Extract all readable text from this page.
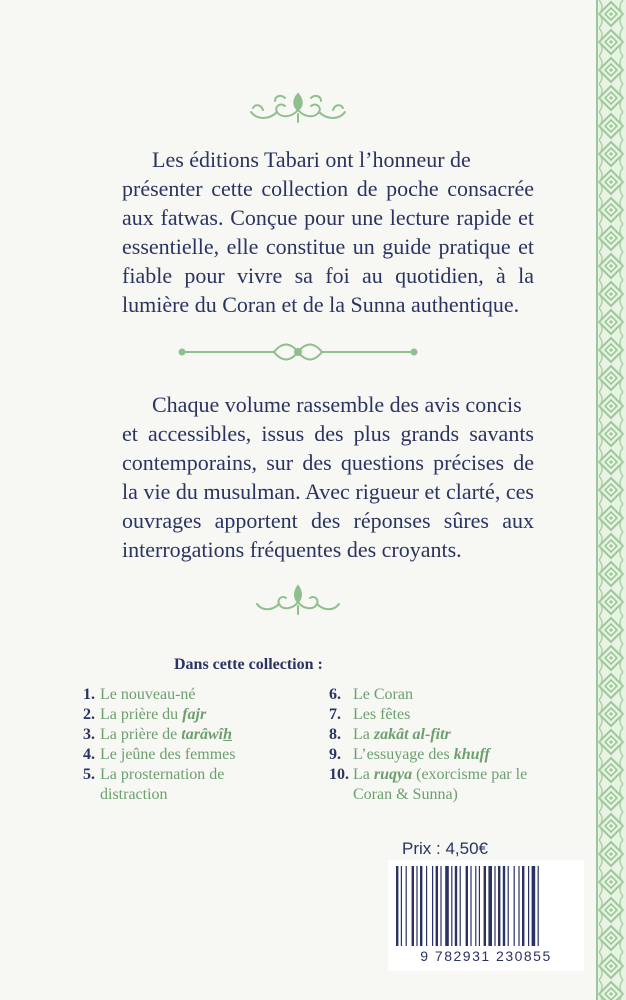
Les éditions Tabari ont l’honneur de
présenter cette collection de poche consacrée aux fatwas. Conçue pour une lecture rapide et essentielle, elle constitue un guide pratique et fiable pour vivre sa foi au quotidien, à la lumière du Coran et de la Sunna authentique.
Chaque volume rassemble des avis concis
et accessibles, issus des plus grands savants contemporains, sur des questions précises de la vie du musulman. Avec rigueur et clarté, ces ouvrages apportent des réponses sûres aux interrogations fréquentes des croyants.
Dans cette collection :
1. Le nouveau-né
2. La prière du fajr
3. La prière de tarâwîh
4. Le jeûne des femmes
5. La prosternation de distraction
6. Le Coran
7. Les fêtes
8. La zakât al-fitr
9. L’essuyage des khuff
10. La ruqya (exorcisme par le Coran & Sunna)
Prix : 4,50€
9 782931 230855
